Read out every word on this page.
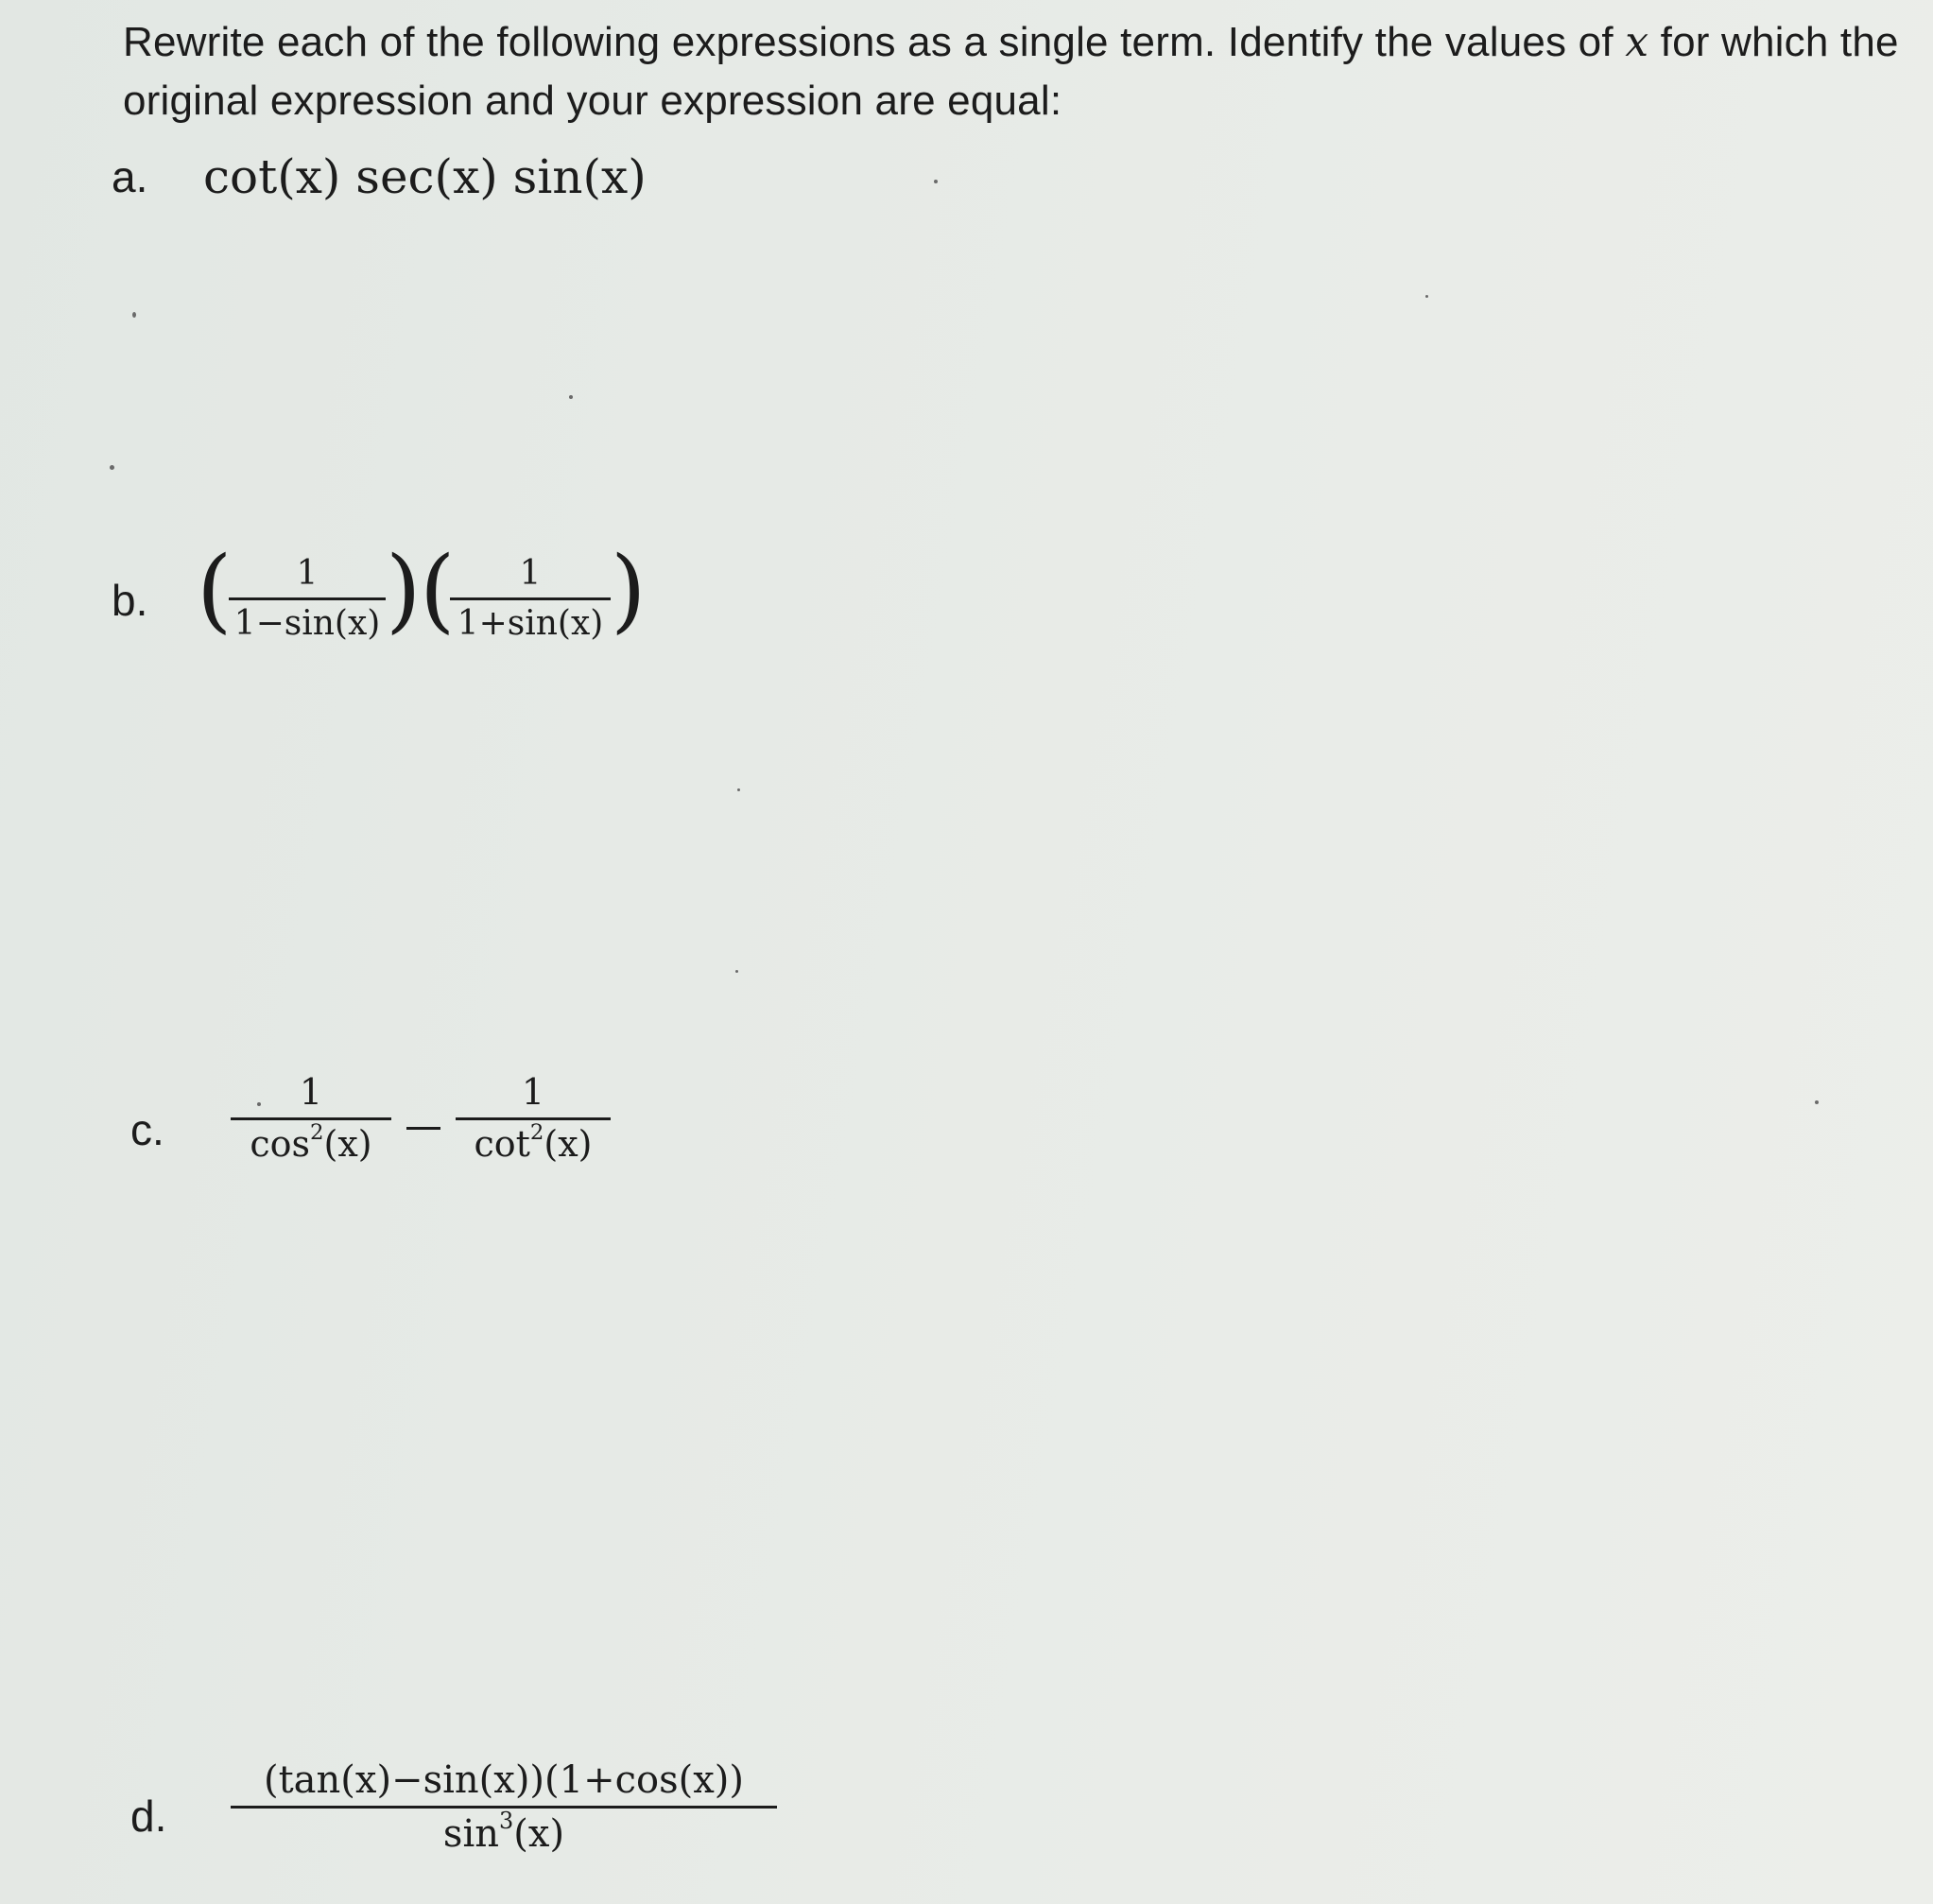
Rewrite each of the following expressions as a single term. Identify the values of x for which the original expression and your expression are equal:
a. cot(x) sec(x) sin(x)
b. ( 1
1−sin(x) )
( 1
1+sin(x) )
c.
1
$\cos^2(x)$
1
$\cot^2(x)$
d.
(tan(x)−sin(x))(1+cos(x))
$\sin^3(x)$
